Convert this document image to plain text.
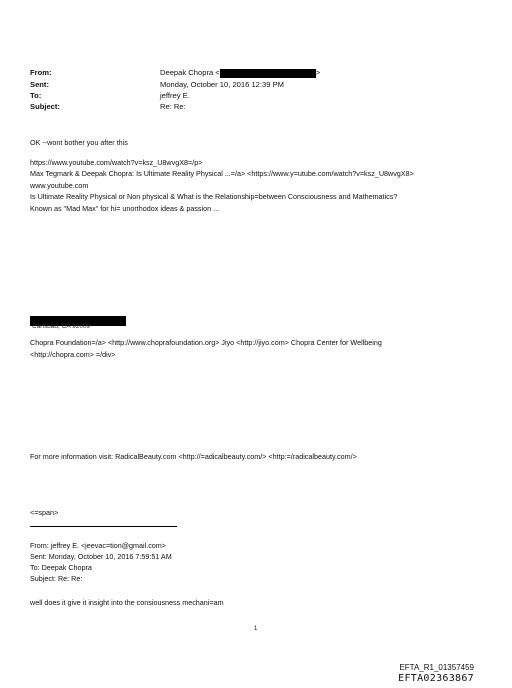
From:	Deepak Chopra <	>
Sent:	Monday, October 10, 2016 12:39 PM
To:	jeffrey E.
Subject:	Re: Re:
OK --wont bother you after this
https://www.youtube.com/watch?v=ksz_U8wvgX8=/p>
Max Tegmark & Deepak Chopra: Is Ultimate Reality Physical ...=/a> <https://www.y=utube.com/watch?v=ksz_U8wvgX8>
www.youtube.com
Is Ultimate Reality Physical or Non physical & What is the Relationship=between Consciousness and Mathematics?
Known as "Mad Max" for hi= unorthodox ideas & passion ...
Carlsbad, CA 92009
Chopra Foundation=/a> <http://www.choprafoundation.org> Jiyo <http://jiyo.com> Chopra Center for Wellbeing
<http://chopra.com> =/div>
For more information visit: RadicalBeauty.com <http://=adicalbeauty.com/> <http:=/radicalbeauty.com/>
<=span>
From: jeffrey E. <jeevac=tion@gmail.com>
Sent: Monday, October 10, 2016 7:59:51 AM
To: Deepak Chopra
Subject: Re: Re:
well does it give it insight into the consiousness mechani=am
1
EFTA_R1_01357459
EFTA02363867
